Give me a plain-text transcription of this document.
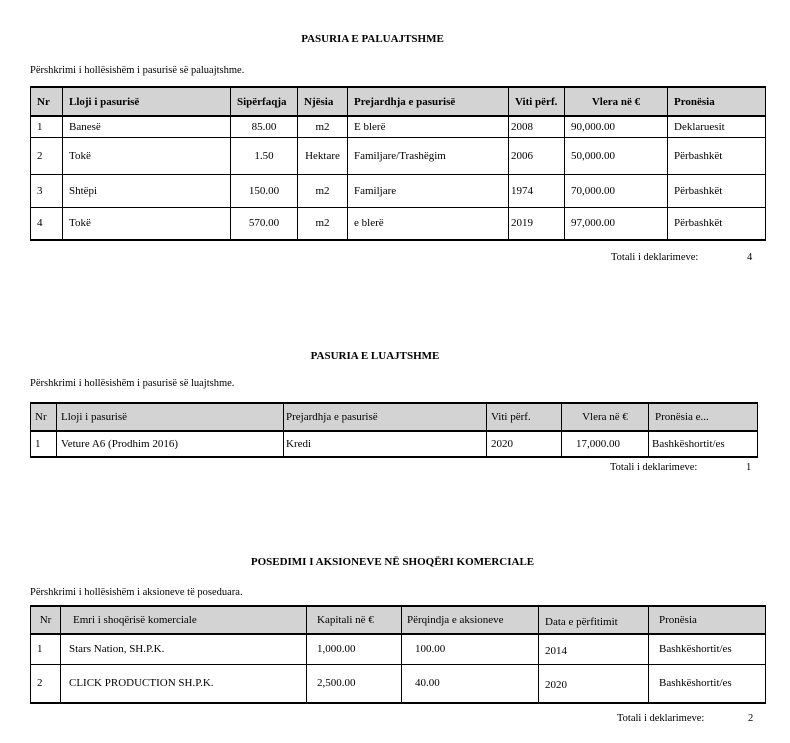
PASURIA E PALUAJTSHME
Përshkrimi i hollësishëm i pasurisë së paluajtshme.
Nr	Lloji i pasurisë	Sipërfaqja	Njësia	Prejardhja e pasurisë	Viti përf.	Vlera në €	Pronësia
1	Banesë	85.00	m2	E blerë	2008	90,000.00	Deklaruesit
2	Tokë	1.50	Hektare	Familjare/Trashëgim	2006	50,000.00	Përbashkët
3	Shtëpi	150.00	m2	Familjare	1974	70,000.00	Përbashkët
4	Tokë	570.00	m2	e blerë	2019	97,000.00	Përbashkët
Totali i deklarimeve:	4
PASURIA E LUAJTSHME
Përshkrimi i hollësishëm i pasurisë së luajtshme.
Nr	Lloji i pasurisë	Prejardhja e pasurisë	Viti përf.	Vlera në €	Pronësia e...
1	Veture A6 (Prodhim 2016)	Kredi	2020	17,000.00	Bashkëshortit/es
Totali i deklarimeve:	1
POSEDIMI I AKSIONEVE NË SHOQËRI KOMERCIALE
Përshkrimi i hollësishëm i aksioneve të poseduara.
Nr	Emri i shoqërisë komerciale	Kapitali në €	Përqindja e aksioneve	Data e përfitimit	Pronësia
1	Stars Nation, SH.P.K.	1,000.00	100.00	2014	Bashkëshortit/es
2	CLICK PRODUCTION SH.P.K.	2,500.00	40.00	2020	Bashkëshortit/es
Totali i deklarimeve:	2
